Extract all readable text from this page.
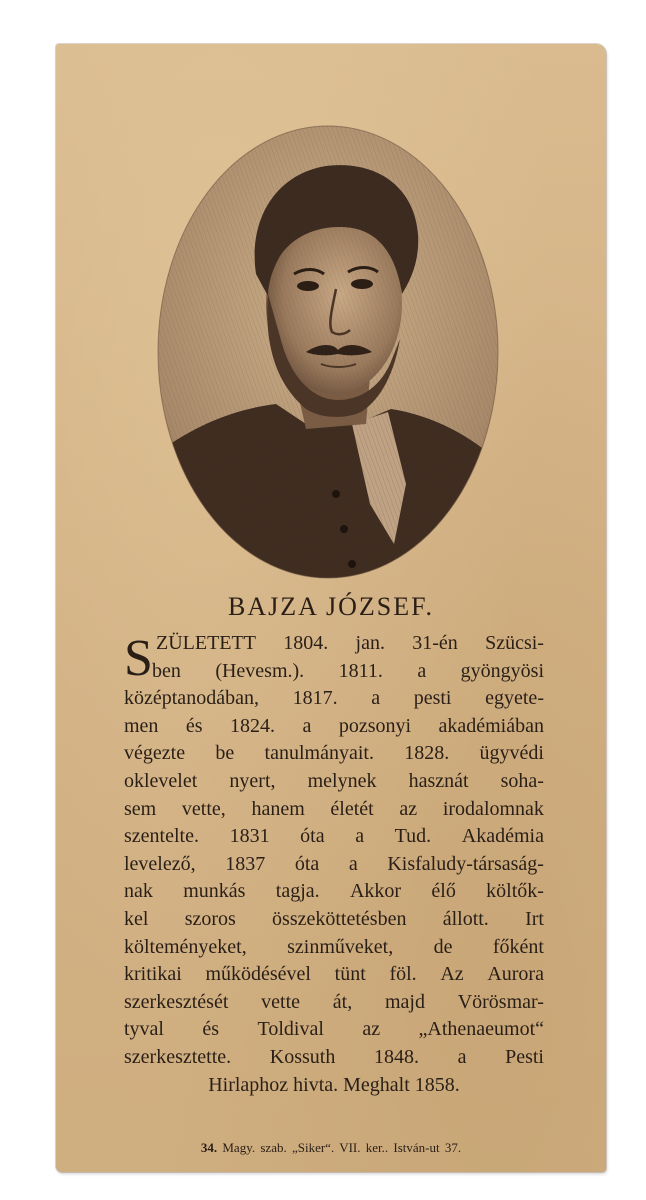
BAJZA JÓZSEF.
ben (Hevesm.). 1811. a gyöngyösi
középtanodában, 1817. a pesti egyete-
men és 1824. a pozsonyi akadémiában
végezte be tanulmányait. 1828. ügyvédi
oklevelet nyert, melynek hasznát soha-
sem vette, hanem életét az irodalomnak
szentelte. 1831 óta a Tud. Akadémia
levelező, 1837 óta a Kisfaludy-társaság-
nak munkás tagja. Akkor élő költők-
kel szoros összeköttetésben állott. Irt
költeményeket, szinműveket, de főként
kritikai működésével tünt föl. Az Aurora
szerkesztését vette át, majd Vörösmar-
tyval és Toldival az „Athenaeumot“
szerkesztette. Kossuth 1848. a Pesti
Hirlaphoz hivta. Meghalt 1858.
34. Magy. szab. „Siker“. VII. ker.. István-ut 37.
S ZÜLETETT 1804. jan. 31-én Szücsi-
